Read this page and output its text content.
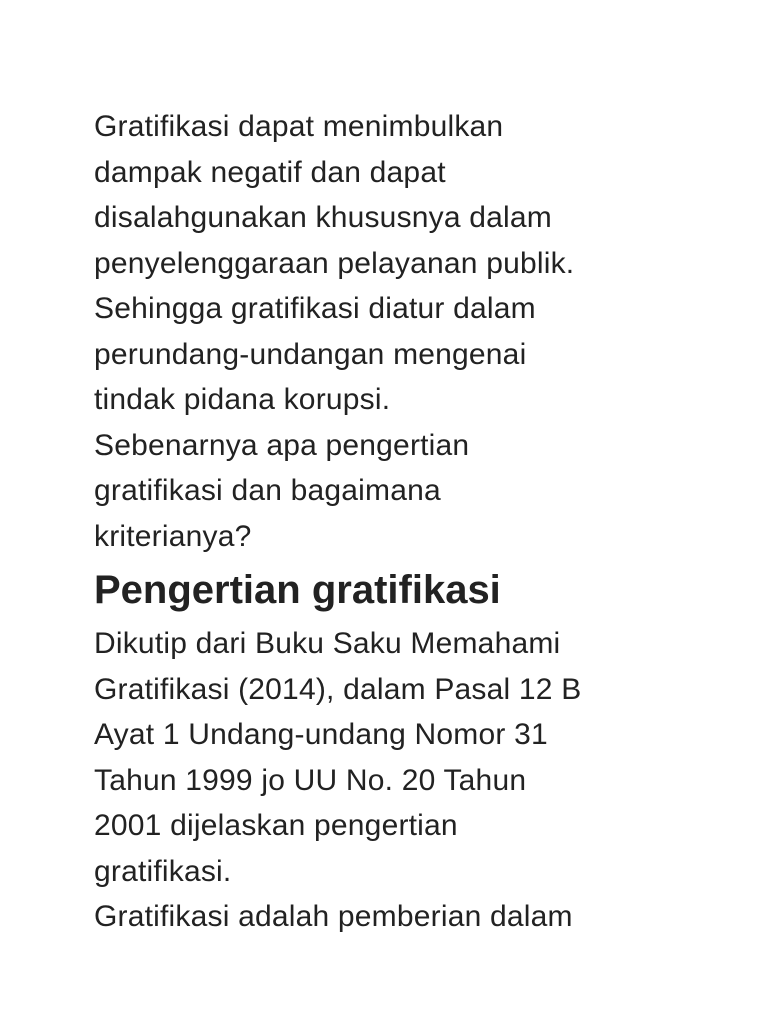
Gratifikasi dapat menimbulkan
dampak negatif dan dapat
disalahgunakan khususnya dalam
penyelenggaraan pelayanan publik.
Sehingga gratifikasi diatur dalam
perundang-undangan mengenai
tindak pidana korupsi.

Sebenarnya apa pengertian
gratifikasi dan bagaimana
kriterianya?

Pengertian gratifikasi

Dikutip dari Buku Saku Memahami
Gratifikasi (2014), dalam Pasal 12 B
Ayat 1 Undang-undang Nomor 31
Tahun 1999 jo UU No. 20 Tahun
2001 dijelaskan pengertian
gratifikasi.

Gratifikasi adalah pemberian dalam
